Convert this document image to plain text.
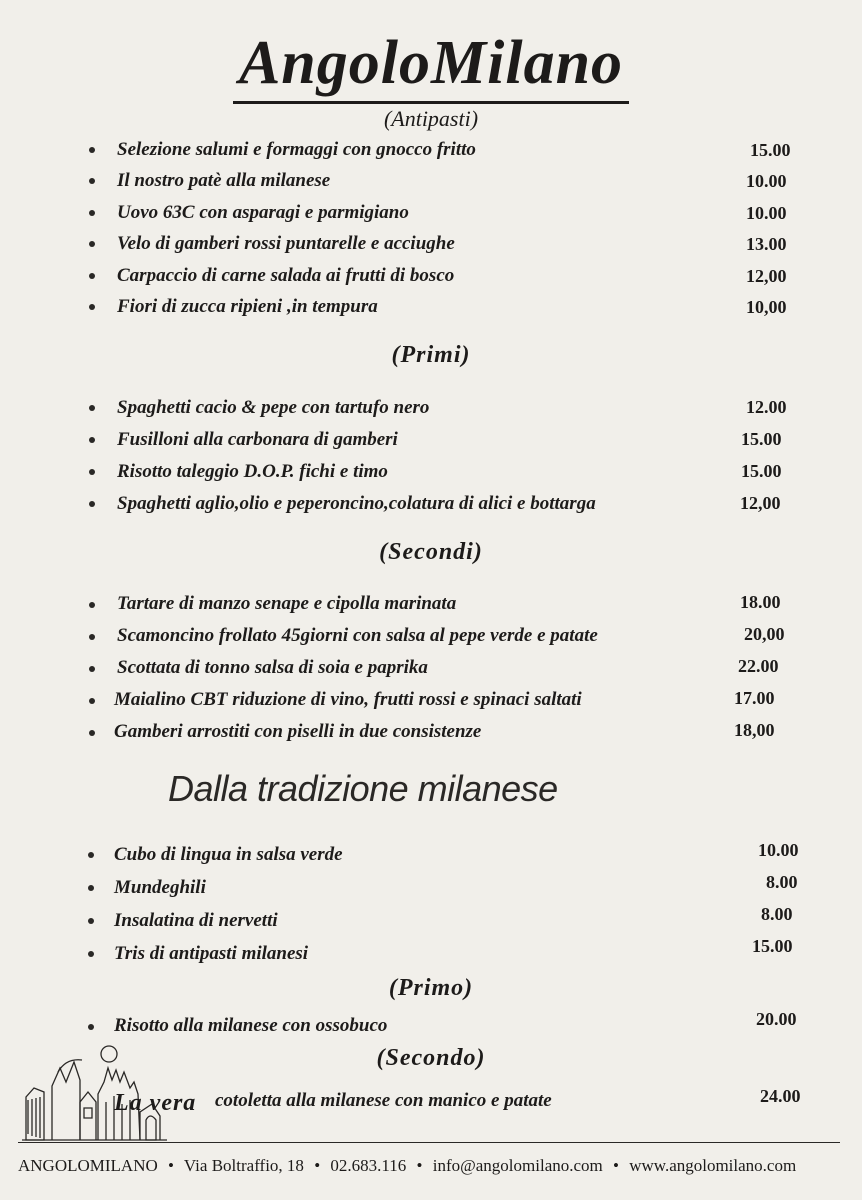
AngoloMilano
(Antipasti)
Selezione salumi e formaggi con gnocco fritto	15.00
Il nostro patè alla milanese	10.00
Uovo 63C con asparagi e parmigiano	10.00
Velo di gamberi rossi puntarelle e acciughe	13.00
Carpaccio di carne salada ai frutti di bosco	12,00
Fiori di zucca ripieni ,in tempura	10,00
(Primi)
Spaghetti cacio & pepe con tartufo nero	12.00
Fusilloni alla carbonara di gamberi	15.00
Risotto taleggio D.O.P. fichi e timo	15.00
Spaghetti aglio,olio e peperoncino,colatura di alici e bottarga	12,00
(Secondi)
Tartare di manzo senape e cipolla marinata	18.00
Scamoncino frollato 45giorni con salsa al pepe verde e patate	20,00
Scottata di tonno salsa di soia e paprika	22.00
Maialino CBT riduzione di vino, frutti rossi e spinaci saltati	17.00
Gamberi arrostiti con piselli in due consistenze	18,00
Dalla tradizione milanese
Cubo di lingua in salsa verde	10.00
Mundeghili	8.00
Insalatina di nervetti	8.00
Tris di antipasti milanesi	15.00
(Primo)
Risotto alla milanese con ossobuco	20.00
(Secondo)
La vera cotoletta alla milanese con manico e patate	24.00
ANGOLOMILANO • Via Boltraffio, 18 • 02.683.116 • info@angolomilano.com • www.angolomilano.com
